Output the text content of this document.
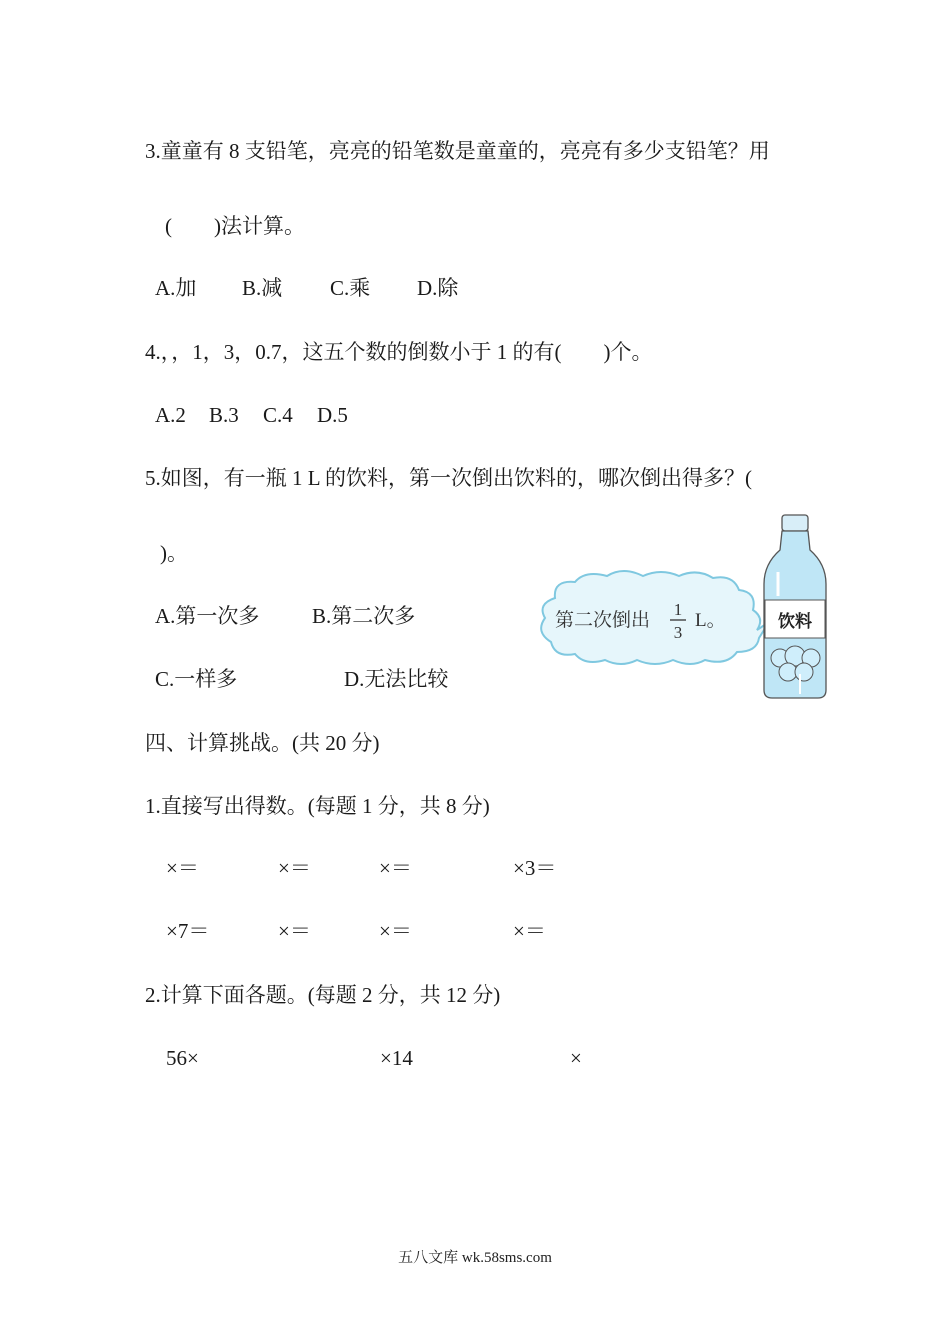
3.童童有 8 支铅笔，亮亮的铅笔数是童童的，亮亮有多少支铅笔？用
(　　)法计算。
A.加 B.减 C.乘 D.除
4.，，1，3，0.7，这五个数的倒数小于 1 的有(　　)个。
A.2 B.3 C.4 D.5
5.如图，有一瓶 1 L 的饮料，第一次倒出饮料的，哪次倒出得多？(
)。
A.第一次多	B.第二次多
C.一样多	D.无法比较
第二次倒出 1
3
L。	饮料
四、计算挑战。(共 20 分)
1.直接写出得数。(每题 1 分，共 8 分)
×＝	×＝	×＝	×3＝
×7＝	×＝	×＝	×＝
2.计算下面各题。(每题 2 分，共 12 分)
56×	×14	×
五八文库 wk.58sms.com
